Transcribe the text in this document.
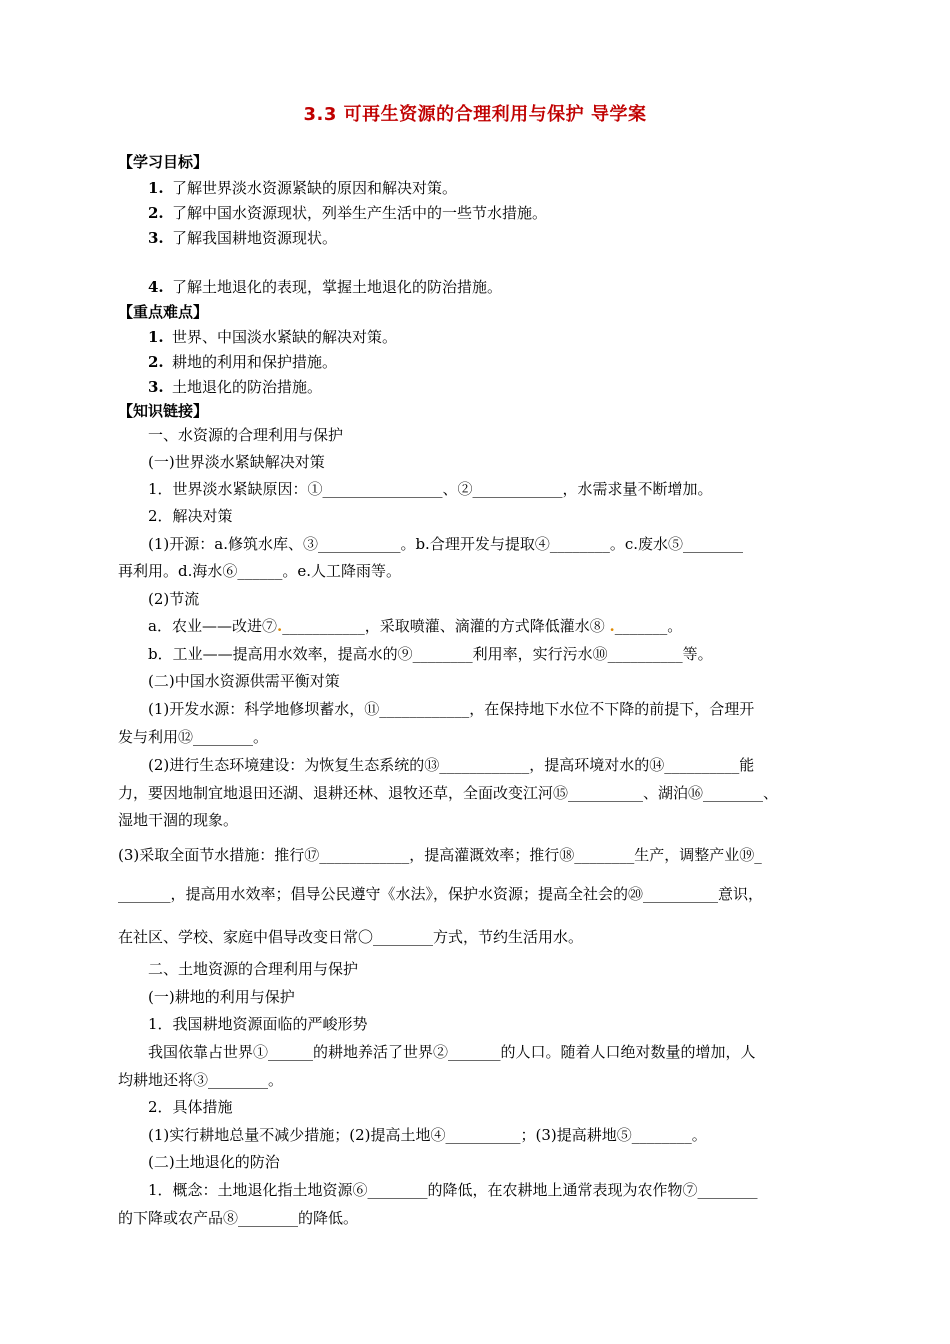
3.3 可再生资源的合理利用与保护 导学案
【学习目标】
1. 了解世界淡水资源紧缺的原因和解决对策。
2. 了解中国水资源现状，列举生产生活中的一些节水措施。
3. 了解我国耕地资源现状。
4. 了解土地退化的表现，掌握土地退化的防治措施。
【重点难点】
1. 世界、中国淡水紧缺的解决对策。
2. 耕地的利用和保护措施。
3. 土地退化的防治措施。
【知识链接】
一、水资源的合理利用与保护
(一)世界淡水紧缺解决对策
1．世界淡水紧缺原因：①________________、②____________，水需求量不断增加。
2．解决对策
(1)开源：a.修筑水库、③___________。b.合理开发与提取④________。c.废水⑤________
再利用。d.海水⑥______。e.人工降雨等。
(2)节流
a．农业——改进⑦.___________，采取喷灌、滴灌的方式降低灌水⑧ ._______。
b．工业——提高用水效率，提高水的⑨________利用率，实行污水⑩__________等。
(二)中国水资源供需平衡对策
(1)开发水源：科学地修坝蓄水，⑪____________，在保持地下水位不下降的前提下，合理开
发与利用⑫________。
(2)进行生态环境建设：为恢复生态系统的⑬____________，提高环境对水的⑭__________能
力，要因地制宜地退田还湖、退耕还林、退牧还草，全面改变江河⑮__________、湖泊⑯________、
湿地干涸的现象。
(3)采取全面节水措施：推行⑰____________，提高灌溉效率；推行⑱________生产，调整产业⑲_
_______，提高用水效率；倡导公民遵守《水法》，保护水资源；提高全社会的⑳__________意识，
在社区、学校、家庭中倡导改变日常〇________方式，节约生活用水。
二、土地资源的合理利用与保护
(一)耕地的利用与保护
1．我国耕地资源面临的严峻形势
我国依靠占世界①______的耕地养活了世界②_______的人口。随着人口绝对数量的增加，人
均耕地还将③________。
2．具体措施
(1)实行耕地总量不减少措施；(2)提高土地④__________；(3)提高耕地⑤________。
(二)土地退化的防治
1．概念：土地退化指土地资源⑥________的降低，在农耕地上通常表现为农作物⑦________
的下降或农产品⑧________的降低。
